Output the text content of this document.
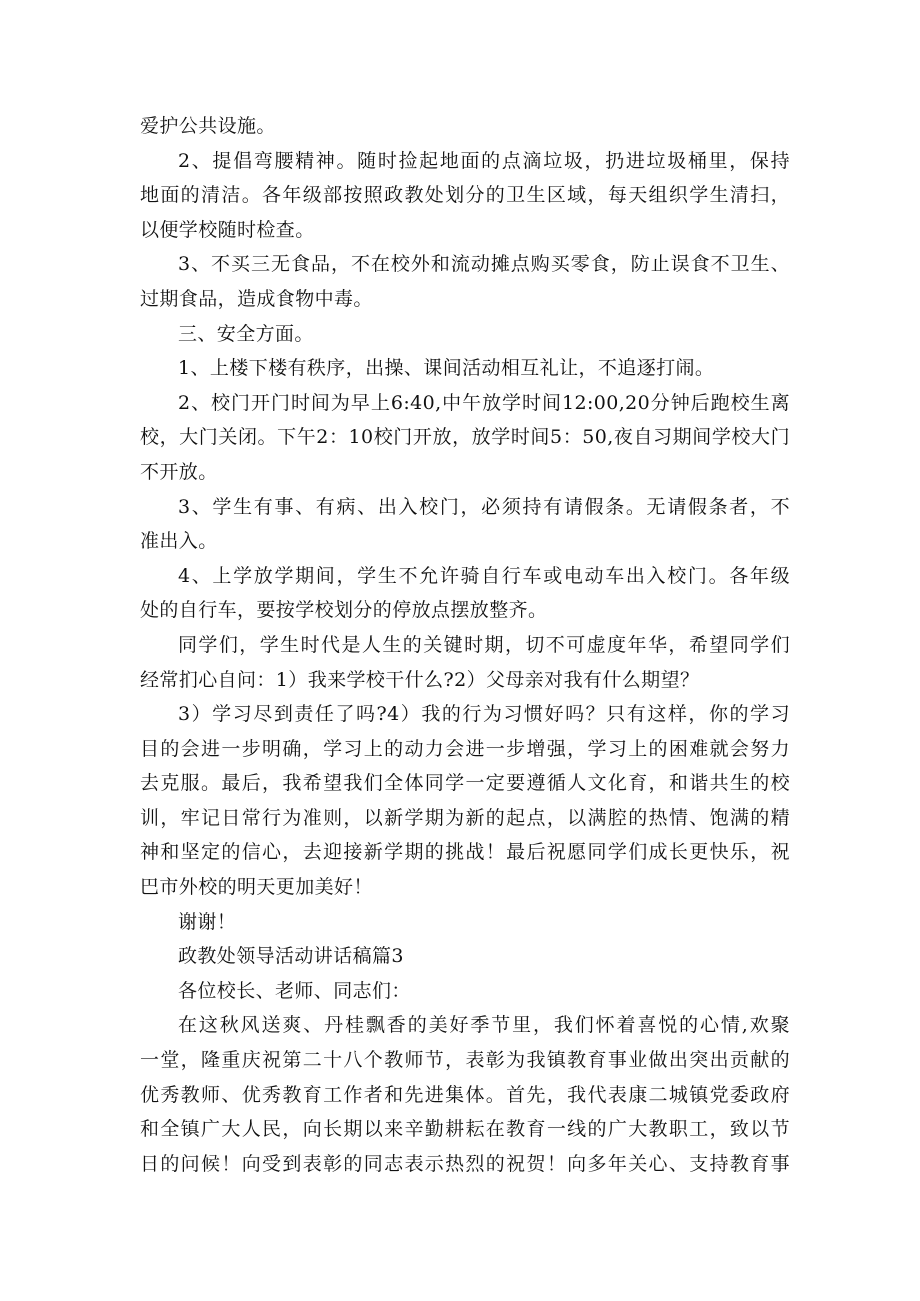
爱护公共设施。
2、提倡弯腰精神。随时捡起地面的点滴垃圾，扔进垃圾桶里，保持
地面的清洁。各年级部按照政教处划分的卫生区域，每天组织学生清扫，
以便学校随时检查。
3、不买三无食品，不在校外和流动摊点购买零食，防止误食不卫生、
过期食品，造成食物中毒。
三、安全方面。
1、上楼下楼有秩序，出操、课间活动相互礼让，不追逐打闹。
2、校门开门时间为早上6:40,中午放学时间12:00,20分钟后跑校生离
校，大门关闭。下午2：10校门开放，放学时间5：50,夜自习期间学校大门
不开放。
3、学生有事、有病、出入校门，必须持有请假条。无请假条者，不
准出入。
4、上学放学期间，学生不允许骑自行车或电动车出入校门。各年级
处的自行车，要按学校划分的停放点摆放整齐。
同学们，学生时代是人生的关键时期，切不可虚度年华，希望同学们
经常扪心自问：1）我来学校干什么?2）父母亲对我有什么期望？
3）学习尽到责任了吗?4）我的行为习惯好吗？只有这样，你的学习
目的会进一步明确，学习上的动力会进一步增强，学习上的困难就会努力
去克服。最后，我希望我们全体同学一定要遵循人文化育，和谐共生的校
训，牢记日常行为准则，以新学期为新的起点，以满腔的热情、饱满的精
神和坚定的信心，去迎接新学期的挑战！最后祝愿同学们成长更快乐，祝
巴市外校的明天更加美好！
谢谢！
政教处领导活动讲话稿篇3
各位校长、老师、同志们：
在这秋风送爽、丹桂飘香的美好季节里，我们怀着喜悦的心情,欢聚
一堂，隆重庆祝第二十八个教师节，表彰为我镇教育事业做出突出贡献的
优秀教师、优秀教育工作者和先进集体。首先，我代表康二城镇党委政府
和全镇广大人民，向长期以来辛勤耕耘在教育一线的广大教职工，致以节
日的问候！向受到表彰的同志表示热烈的祝贺！向多年关心、支持教育事
